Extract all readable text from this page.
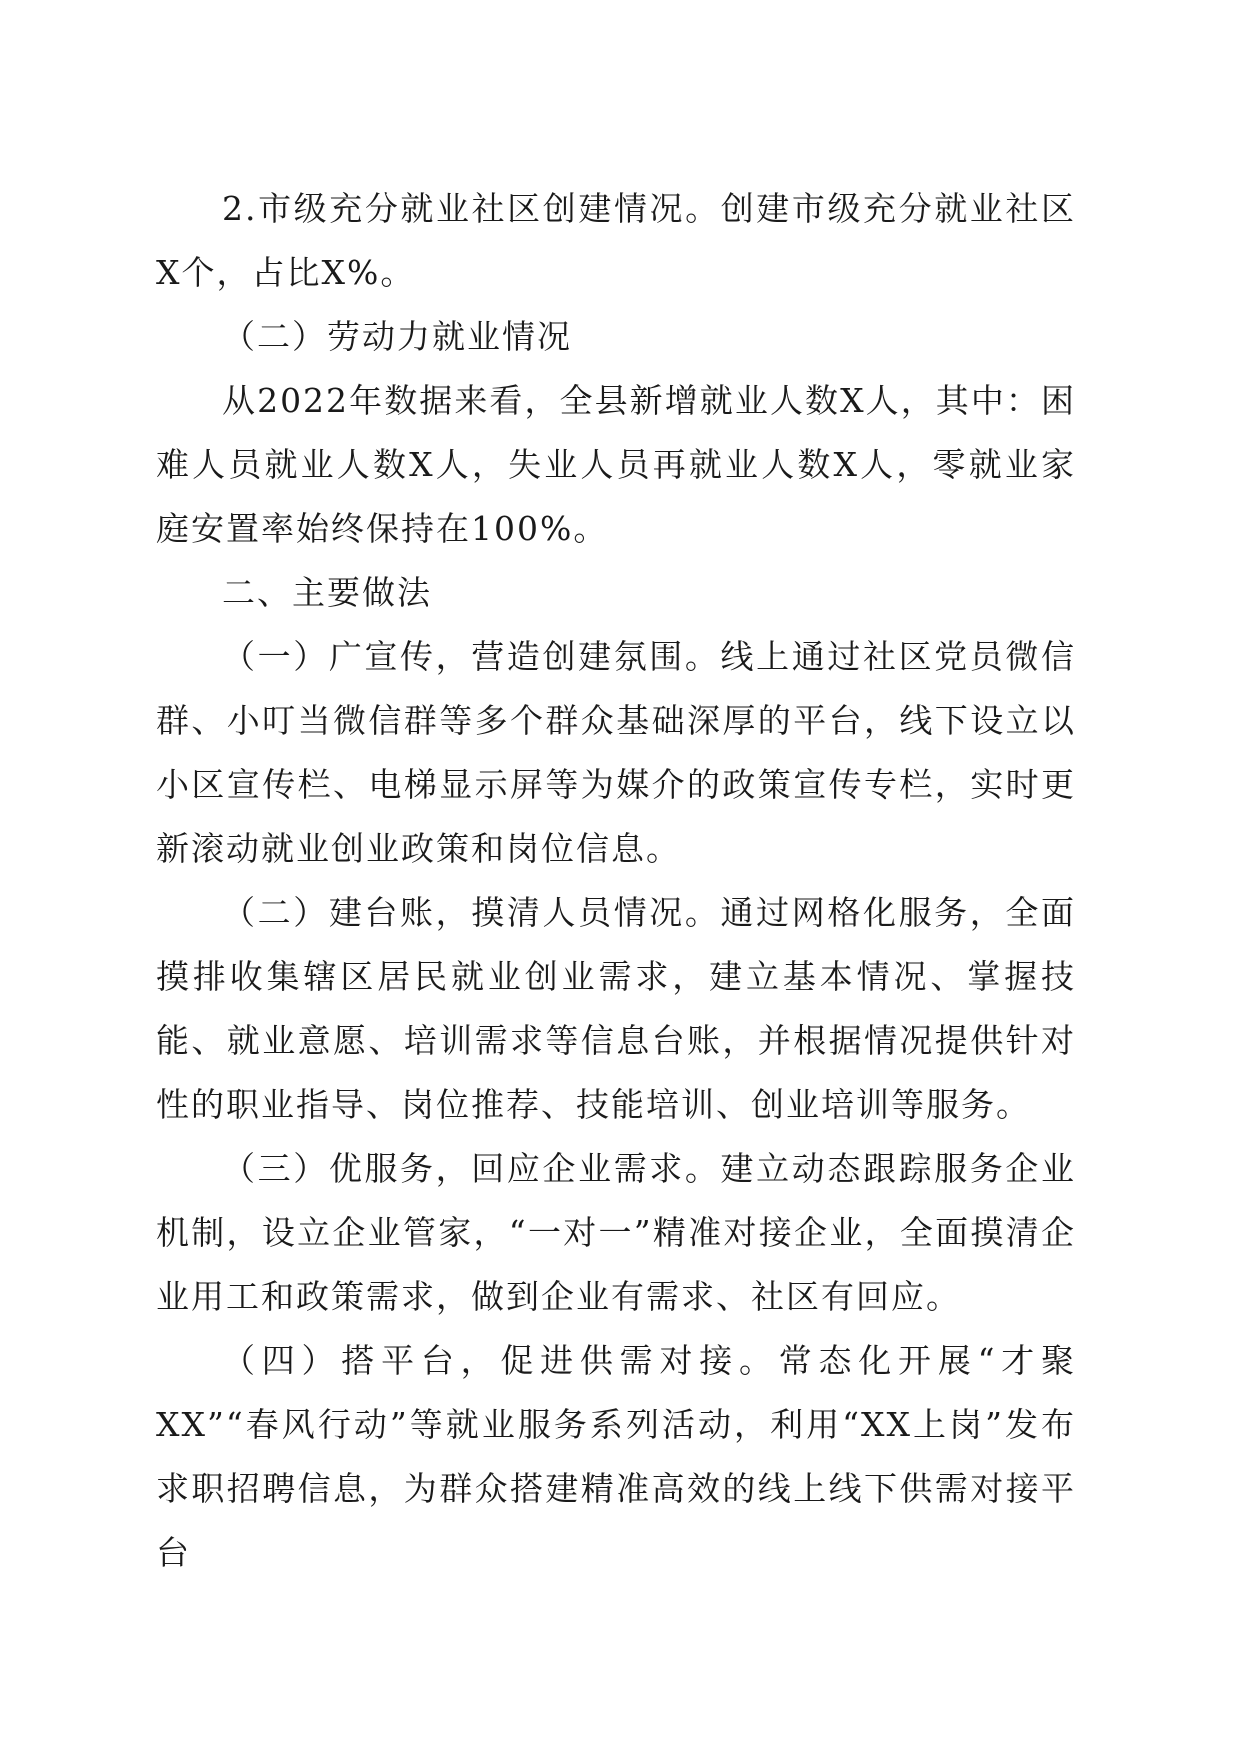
2.市级充分就业社区创建情况。创建市级充分就业社区X个，占比X%。

（二）劳动力就业情况

从2022年数据来看，全县新增就业人数X人，其中：困难人员就业人数X人，失业人员再就业人数X人，零就业家庭安置率始终保持在100%。

二、主要做法

（一）广宣传，营造创建氛围。线上通过社区党员微信群、小叮当微信群等多个群众基础深厚的平台，线下设立以小区宣传栏、电梯显示屏等为媒介的政策宣传专栏，实时更新滚动就业创业政策和岗位信息。

（二）建台账，摸清人员情况。通过网格化服务，全面摸排收集辖区居民就业创业需求，建立基本情况、掌握技能、就业意愿、培训需求等信息台账，并根据情况提供针对性的职业指导、岗位推荐、技能培训、创业培训等服务。

（三）优服务，回应企业需求。建立动态跟踪服务企业机制，设立企业管家，“一对一”精准对接企业，全面摸清企业用工和政策需求，做到企业有需求、社区有回应。

（四）搭平台，促进供需对接。常态化开展“才聚XX”“春风行动”等就业服务系列活动，利用“XX上岗”发布求职招聘信息，为群众搭建精准高效的线上线下供需对接平台
